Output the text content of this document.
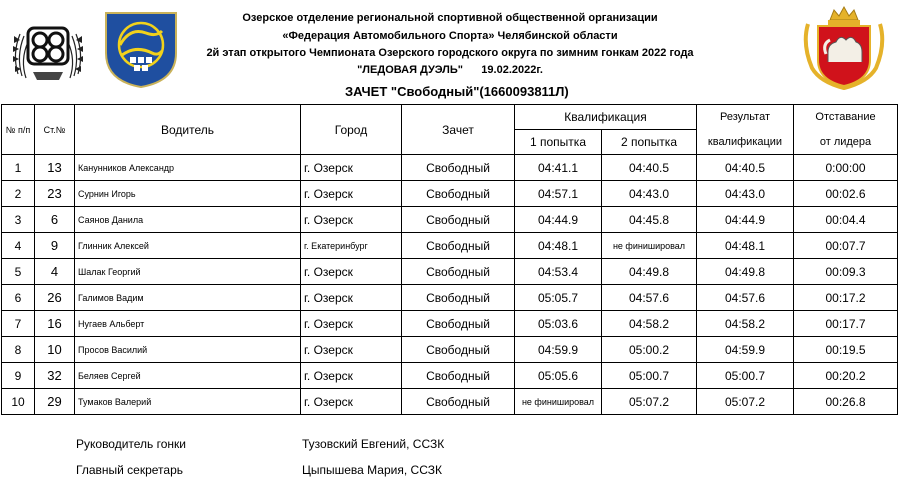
Озерское отделение региональной спортивной общественной организации
«Федерация Автомобильного Спорта» Челябинской области
2й этап открытого Чемпионата Озерского городского округа по зимним гонкам 2022 года
"ЛЕДОВАЯ ДУЭЛЬ"      19.02.2022г.
ЗАЧЕТ "Свободный"(1660093811Л)
№ п/п	Ст.№	Водитель	Город	Зачет	Квалификация		Результат	Отставание
					1 попытка	2 попытка	квалификации	от лидера
1	13	Канунников Александр	г. Озерск	Свободный	04:41.1	04:40.5	04:40.5	0:00:00
2	23	Сурнин Игорь	г. Озерск	Свободный	04:57.1	04:43.0	04:43.0	00:02.6
3	6	Саянов Данила	г. Озерск	Свободный	04:44.9	04:45.8	04:44.9	00:04.4
4	9	Глинник Алексей	г. Екатеринбург	Свободный	04:48.1	не финишировал	04:48.1	00:07.7
5	4	Шалак Георгий	г. Озерск	Свободный	04:53.4	04:49.8	04:49.8	00:09.3
6	26	Галимов Вадим	г. Озерск	Свободный	05:05.7	04:57.6	04:57.6	00:17.2
7	16	Нугаев Альберт	г. Озерск	Свободный	05:03.6	04:58.2	04:58.2	00:17.7
8	10	Просов Василий	г. Озерск	Свободный	04:59.9	05:00.2	04:59.9	00:19.5
9	32	Беляев Сергей	г. Озерск	Свободный	05:05.6	05:00.7	05:00.7	00:20.2
10	29	Тумаков Валерий	г. Озерск	Свободный	не финишировал	05:07.2	05:07.2	00:26.8
Руководитель гонки	Тузовский Евгений, ССЗК
Главный секретарь	Цыпышева Мария, ССЗК
